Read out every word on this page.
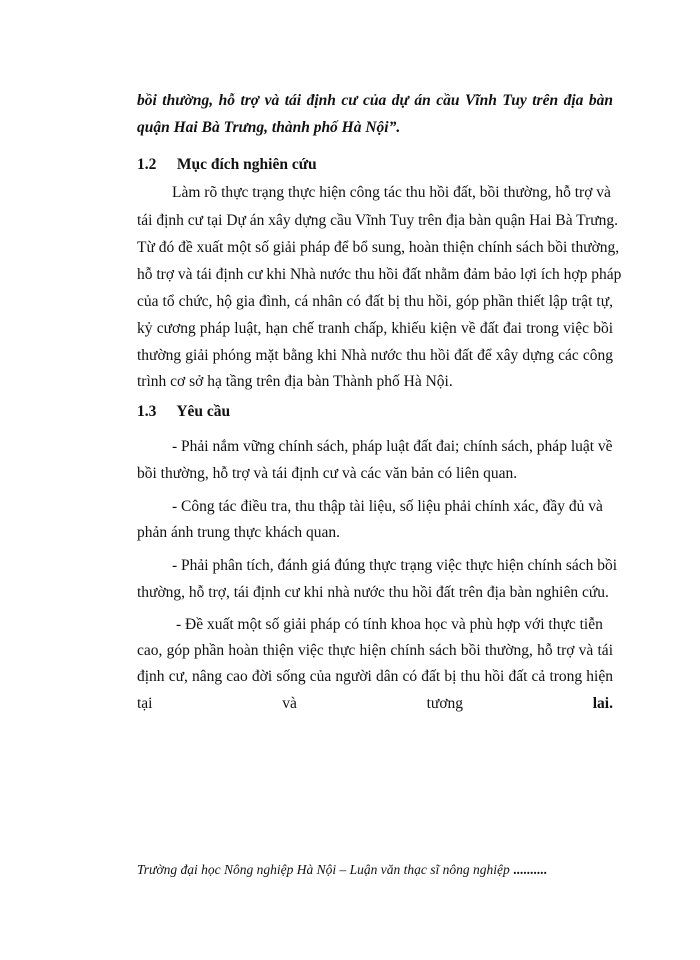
bồi thường, hỗ trợ và tái định cư của dự án cầu Vĩnh Tuy trên địa bàn
quận Hai Bà Trưng, thành phố Hà Nội”.
1.2 Mục đích nghiên cứu
Làm rõ thực trạng thực hiện công tác thu hồi đất, bồi thường, hỗ trợ và
tái định cư tại Dự án xây dựng cầu Vĩnh Tuy trên địa bàn quận Hai Bà Trưng.
Từ đó đề xuất một số giải pháp để bổ sung, hoàn thiện chính sách bồi thường,
hỗ trợ và tái định cư khi Nhà nước thu hồi đất nhằm đảm bảo lợi ích hợp pháp
của tổ chức, hộ gia đình, cá nhân có đất bị thu hồi, góp phần thiết lập trật tự,
kỷ cương pháp luật, hạn chế tranh chấp, khiếu kiện về đất đai trong việc bồi
thường giải phóng mặt bằng khi Nhà nước thu hồi đất để xây dựng các công
trình cơ sở hạ tầng trên địa bàn Thành phố Hà Nội.
1.3 Yêu cầu
- Phải nắm vững chính sách, pháp luật đất đai; chính sách, pháp luật về
bồi thường, hỗ trợ và tái định cư và các văn bản có liên quan.
- Công tác điều tra, thu thập tài liệu, số liệu phải chính xác, đầy đủ và
phản ánh trung thực khách quan.
- Phải phân tích, đánh giá đúng thực trạng việc thực hiện chính sách bồi
thường, hỗ trợ, tái định cư khi nhà nước thu hồi đất trên địa bàn nghiên cứu.
- Đề xuất một số giải pháp có tính khoa học và phù hợp với thực tiễn
cao, góp phần hoàn thiện việc thực hiện chính sách bồi thường, hỗ trợ và tái
định cư, nâng cao đời sống của người dân có đất bị thu hồi đất cả trong hiện
tại	và	tương	lai.
Trường đại học Nông nghiệp Hà Nội – Luận văn thạc sĩ nông nghiệp ..........
